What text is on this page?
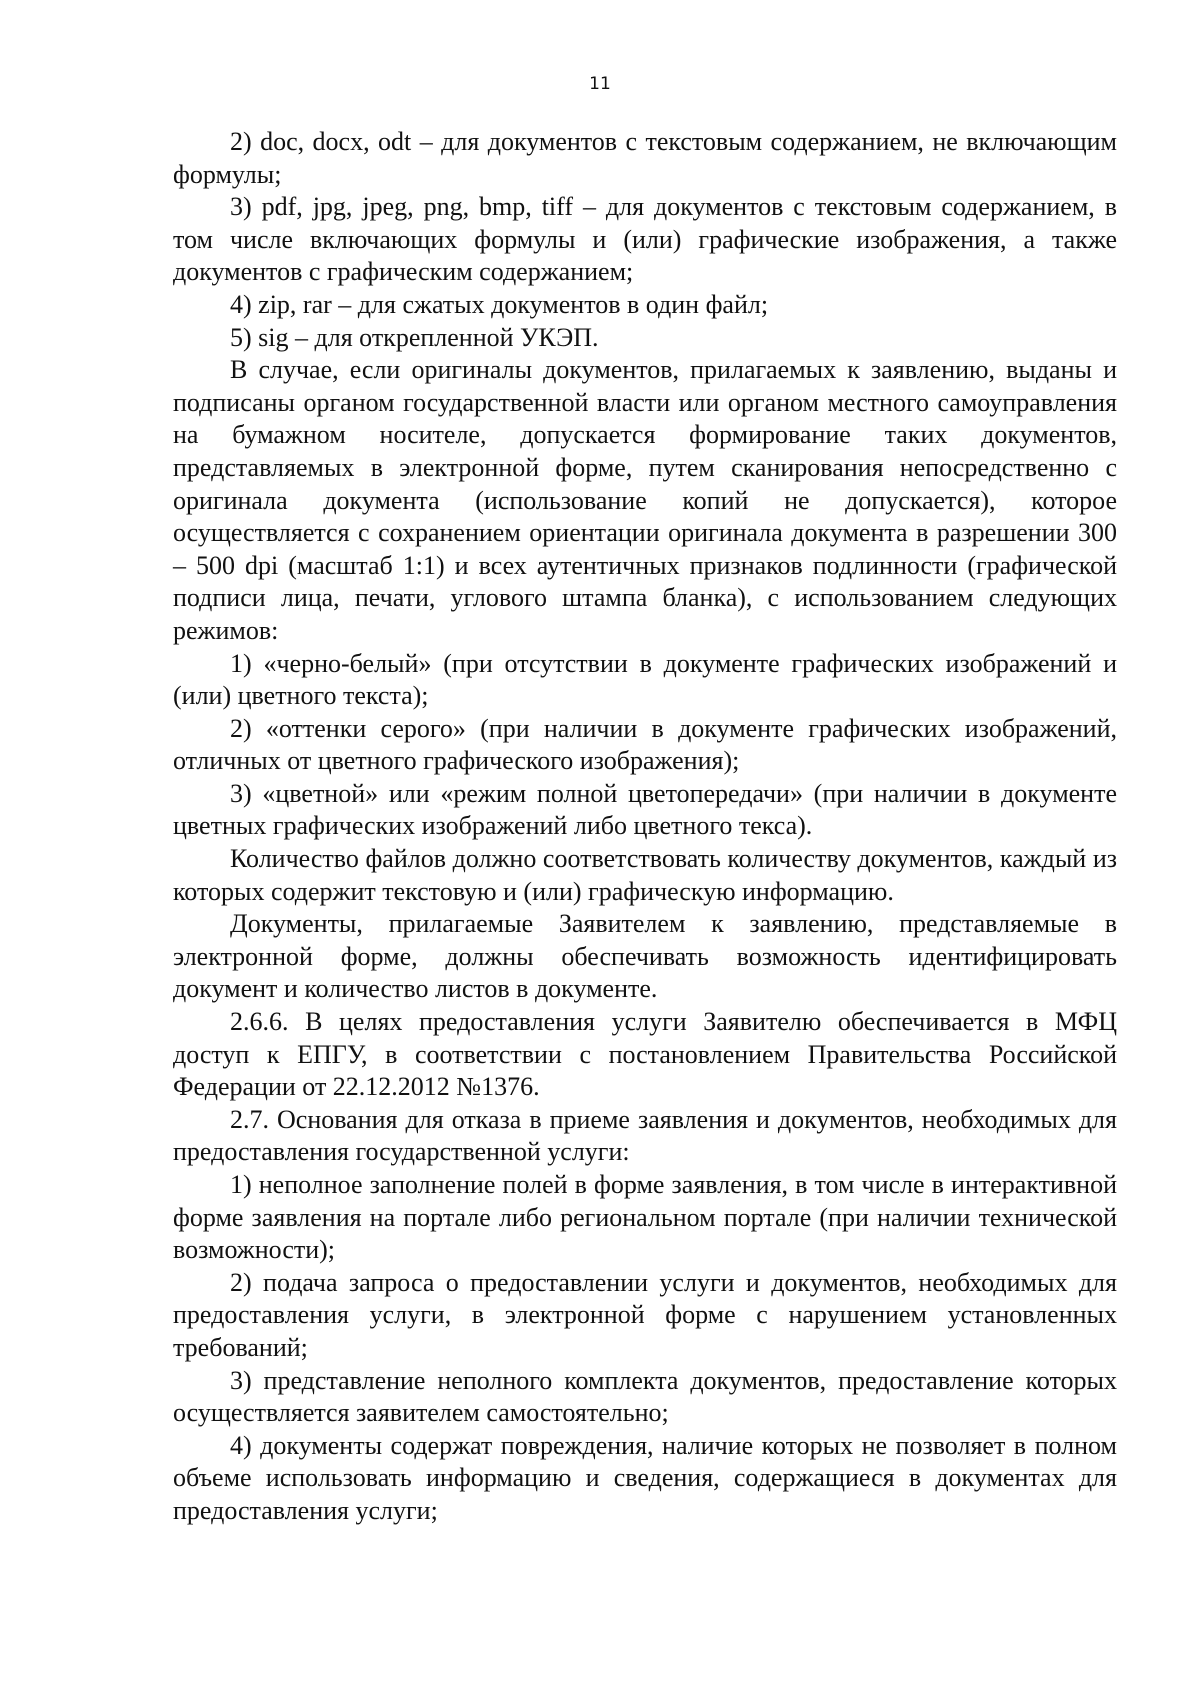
11

2) doc, docx, odt – для документов с текстовым содержанием, не включающим формулы;

3) pdf, jpg, jpeg, png, bmp, tiff – для документов с текстовым содержанием, в том числе включающих формулы и (или) графические изображения, а также документов с графическим содержанием;

4) zip, rar – для сжатых документов в один файл;

5) sig – для открепленной УКЭП.

В случае, если оригиналы документов, прилагаемых к заявлению, выданы и подписаны органом государственной власти или органом местного самоуправления на бумажном носителе, допускается формирование таких документов, представляемых в электронной форме, путем сканирования непосредственно с оригинала документа (использование копий не допускается), которое осуществляется с сохранением ориентации оригинала документа в разрешении 300 – 500 dpi (масштаб 1:1) и всех аутентичных признаков подлинности (графической подписи лица, печати, углового штампа бланка), с использованием следующих режимов:

1) «черно-белый» (при отсутствии в документе графических изображений и (или) цветного текста);

2) «оттенки серого» (при наличии в документе графических изображений, отличных от цветного графического изображения);

3) «цветной» или «режим полной цветопередачи» (при наличии в документе цветных графических изображений либо цветного текса).

Количество файлов должно соответствовать количеству документов, каждый из которых содержит текстовую и (или) графическую информацию.

Документы, прилагаемые Заявителем к заявлению, представляемые в электронной форме, должны обеспечивать возможность идентифицировать документ и количество листов в документе.

2.6.6. В целях предоставления услуги Заявителю обеспечивается в МФЦ доступ к ЕПГУ, в соответствии с постановлением Правительства Российской Федерации от 22.12.2012 №1376.

2.7. Основания для отказа в приеме заявления и документов, необходимых для предоставления государственной услуги:

1) неполное заполнение полей в форме заявления, в том числе в интерактивной форме заявления на портале либо региональном портале (при наличии технической возможности);

2) подача запроса о предоставлении услуги и документов, необходимых для предоставления услуги, в электронной форме с нарушением установленных требований;

3) представление неполного комплекта документов, предоставление которых осуществляется заявителем самостоятельно;

4) документы содержат повреждения, наличие которых не позволяет в полном объеме использовать информацию и сведения, содержащиеся в документах для предоставления услуги;
